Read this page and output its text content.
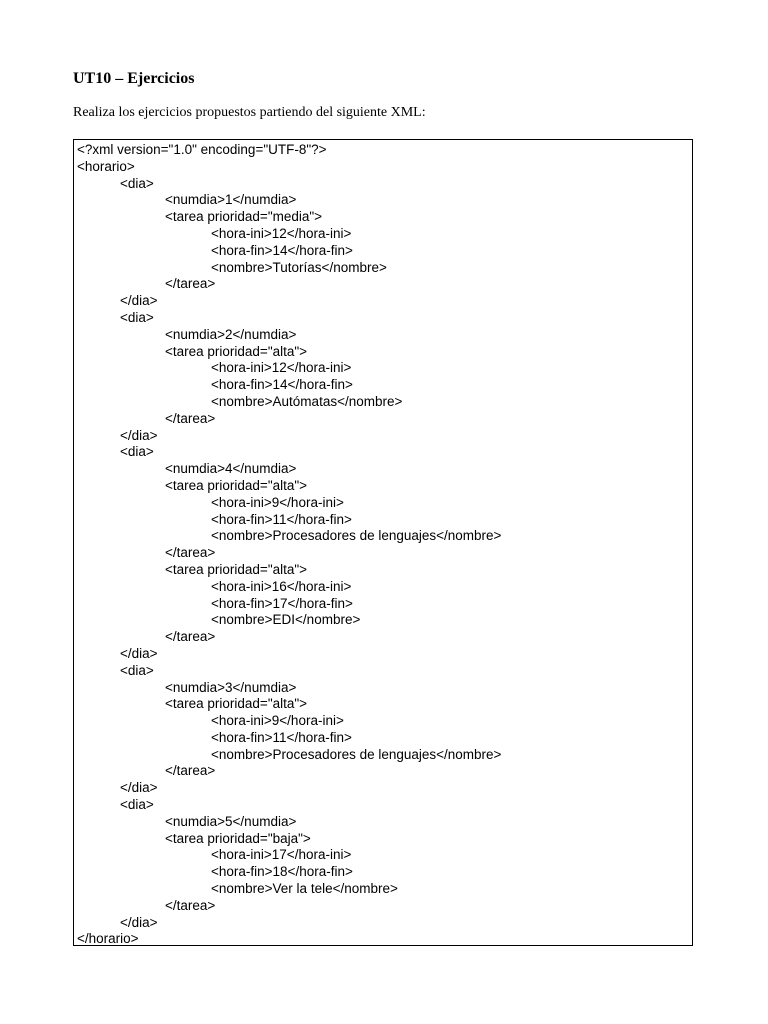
UT10 – Ejercicios
Realiza los ejercicios propuestos partiendo del siguiente XML:
<?xml version="1.0" encoding="UTF-8"?>
<horario>
<dia>
<numdia>1</numdia>
<tarea prioridad="media">
<hora-ini>12</hora-ini>
<hora-fin>14</hora-fin>
<nombre>Tutorías</nombre>
</tarea>
</dia>
<dia>
<numdia>2</numdia>
<tarea prioridad="alta">
<hora-ini>12</hora-ini>
<hora-fin>14</hora-fin>
<nombre>Autómatas</nombre>
</tarea>
</dia>
<dia>
<numdia>4</numdia>
<tarea prioridad="alta">
<hora-ini>9</hora-ini>
<hora-fin>11</hora-fin>
<nombre>Procesadores de lenguajes</nombre>
</tarea>
<tarea prioridad="alta">
<hora-ini>16</hora-ini>
<hora-fin>17</hora-fin>
<nombre>EDI</nombre>
</tarea>
</dia>
<dia>
<numdia>3</numdia>
<tarea prioridad="alta">
<hora-ini>9</hora-ini>
<hora-fin>11</hora-fin>
<nombre>Procesadores de lenguajes</nombre>
</tarea>
</dia>
<dia>
<numdia>5</numdia>
<tarea prioridad="baja">
<hora-ini>17</hora-ini>
<hora-fin>18</hora-fin>
<nombre>Ver la tele</nombre>
</tarea>
</dia>
</horario>
